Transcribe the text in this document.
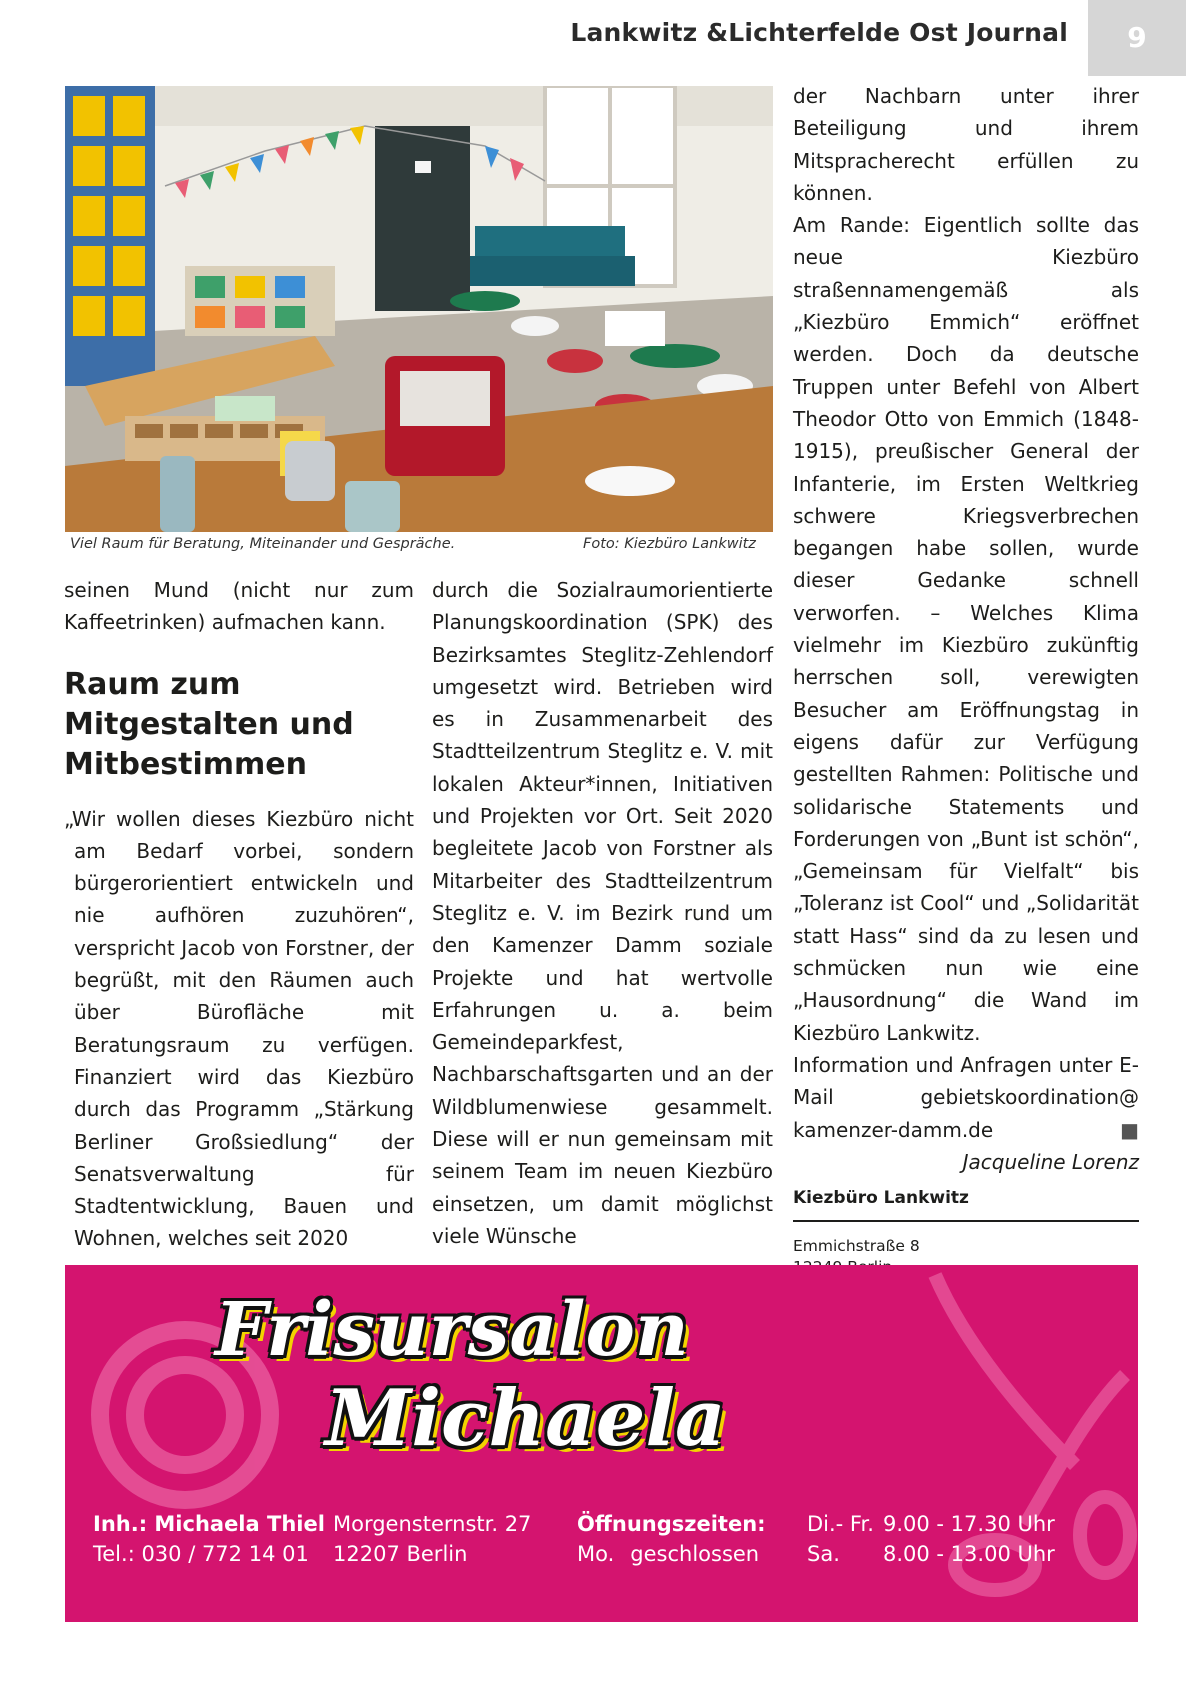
Lankwitz &Lichterfelde Ost Journal	9
Viel Raum für Beratung, Miteinander und Gespräche.	Foto: Kiezbüro Lankwitz

seinen Mund (nicht nur zum Kaffeetrinken) aufmachen kann.

Raum zum Mitgestalten und Mitbestimmen

„Wir wollen dieses Kiezbüro nicht am Bedarf vorbei, sondern bürgerorientiert entwickeln und nie aufhören zuzuhören“, verspricht Jacob von Forstner, der begrüßt, mit den Räumen auch über Bürofläche mit Beratungsraum zu verfügen. Finanziert wird das Kiezbüro durch das Programm „Stärkung Berliner Großsiedlung“ der Senatsverwaltung für Stadtentwicklung, Bauen und Wohnen, welches seit 2020

durch die Sozialraumorientierte Planungskoordination (SPK) des Bezirksamtes Steglitz-Zehlendorf umgesetzt wird. Betrieben wird es in Zusammenarbeit des Stadtteilzentrum Steglitz e. V. mit lokalen Akteur*innen, Initiativen und Projekten vor Ort. Seit 2020 begleitete Jacob von Forstner als Mitarbeiter des Stadtteilzentrum Steglitz e. V. im Bezirk rund um den Kamenzer Damm soziale Projekte und hat wertvolle Erfahrungen u. a. beim Gemeindeparkfest, Nachbarschaftsgarten und an der Wildblumenwiese gesammelt. Diese will er nun gemeinsam mit seinem Team im neuen Kiezbüro einsetzen, um damit möglichst viele Wünsche

der Nachbarn unter ihrer Beteiligung und ihrem Mitspracherecht erfüllen zu können.

Am Rande: Eigentlich sollte das neue Kiezbüro straßennamengemäß als „Kiezbüro Emmich“ eröffnet werden. Doch da deutsche Truppen unter Befehl von Albert Theodor Otto von Emmich (1848-1915), preußischer General der Infanterie, im Ersten Weltkrieg schwere Kriegsverbrechen begangen habe sollen, wurde dieser Gedanke schnell verworfen. – Welches Klima vielmehr im Kiezbüro zukünftig herrschen soll, verewigten Besucher am Eröffnungstag in eigens dafür zur Verfügung gestellten Rahmen: Politische und solidarische Statements und Forderungen von „Bunt ist schön“, „Gemeinsam für Vielfalt“ bis „Toleranz ist Cool“ und „Solidarität statt Hass“ sind da zu lesen und schmücken nun wie eine „Hausordnung“ die Wand im Kiezbüro Lankwitz.

Information und Anfragen unter E-Mail gebietskoordination@ kamenzer-damm.de	■

Jacqueline Lorenz

Kiezbüro Lankwitz
Emmichstraße 8
Frisursalon
Michaela
Inh.: Michaela Thiel
Tel.: 030 / 772 14 01
Morgensternstr. 27
12207 Berlin
Öffnungszeiten:
Mo. geschlossen
Di.- Fr. 9.00 - 17.30 Uhr
Sa. 8.00 - 13.00 Uhr
